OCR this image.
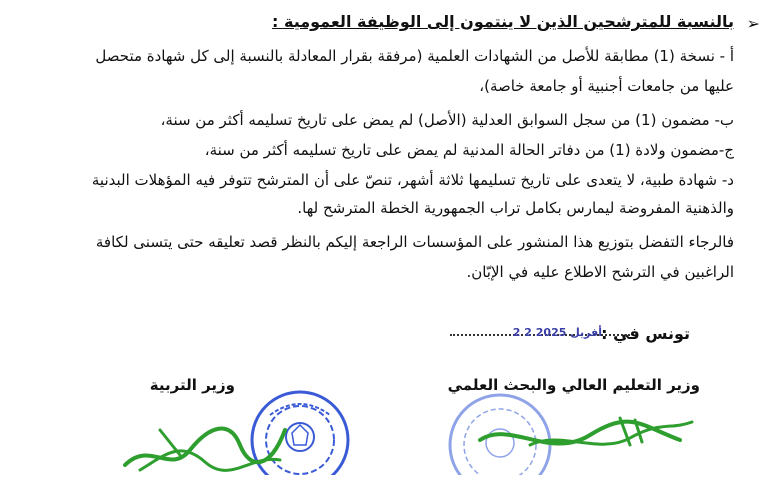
➢
بالنسبة للمترشحين الذين لا ينتمون إلى الوظيفة العمومية :
أ - نسخة (1) مطابقة للأصل من الشهادات العلمية (مرفقة بقرار المعادلة بالنسبة إلى كل شهادة متحصل
عليها من جامعات أجنبية أو جامعة خاصة)،
ب- مضمون (1) من سجل السوابق العدلية (الأصل) لم يمض على تاريخ تسليمه أكثر من سنة،
ج-مضمون ولادة (1) من دفاتر الحالة المدنية لم يمض على تاريخ تسليمه أكثر من سنة،
د- شهادة طبية، لا يتعدى على تاريخ تسليمها ثلاثة أشهر، تنصّ على أن المترشح تتوفر فيه المؤهلات البدنية
والذهنية المفروضة ليمارس بكامل تراب الجمهورية الخطة المترشح لها.
فالرجاء التفضل بتوزيع هذا المنشور على المؤسسات الراجعة إليكم بالنظر قصد تعليقه حتى يتسنى لكافة
الراغبين في الترشح الاطلاع عليه في الإبّان.
تونس في :
2 2 أفريل 2025
وزير التعليم العالي والبحث العلمي
وزير التربية
